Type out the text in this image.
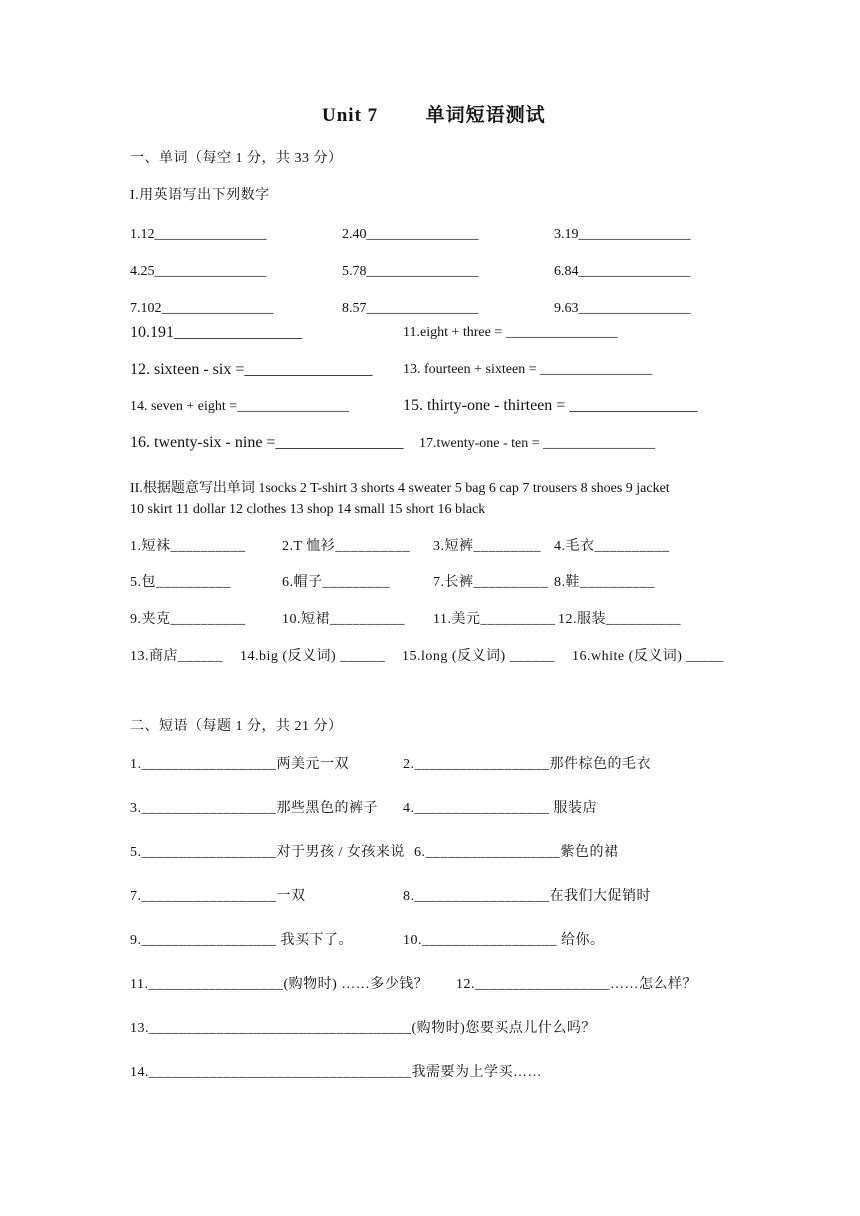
Unit 7	单词短语测试
一、单词（每空 1 分，共 33 分）
I.用英语写出下列数字
1.12________________	2.40________________	3.19________________
4.25________________	5.78________________	6.84________________
7.102________________	8.57________________	9.63________________
10.191________________	11.eight + three = ________________
12. sixteen - six =________________ 13. fourteen + sixteen = ________________
14. seven + eight =________________	15. thirty-one - thirteen = ________________
16. twenty-six - nine =________________ 17.twenty-one - ten = ________________
II.根据题意写出单词 1socks 2 T-shirt 3 shorts 4 sweater 5 bag 6 cap 7 trousers 8 shoes 9 jacket
10 skirt 11 dollar 12 clothes 13 shop 14 small 15 short 16 black
1.短袜__________	2.T 恤衫__________ 3.短裤_________ 4.毛衣__________
5.包__________	6.帽子_________	7.长裤__________ 8.鞋__________
9.夹克__________	10.短裙__________ 11.美元__________ 12.服装__________
13.商店______ 14.big (反义词) ______ 15.long (反义词) ______ 16.white (反义词) _____
二、短语（每题 1 分，共 21 分）
1.__________________两美元一双	2.__________________那件棕色的毛衣
3.__________________那些黑色的裤子 4.__________________ 服装店
5.__________________对于男孩 / 女孩来说 6.__________________紫色的裙
7.__________________一双	8.__________________在我们大促销时
9.__________________ 我买下了。	10.__________________ 给你。
11.__________________(购物时) ……多少钱？ 12.__________________……怎么样？
13.___________________________________(购物时)您要买点儿什么吗？
14.___________________________________我需要为上学买……
